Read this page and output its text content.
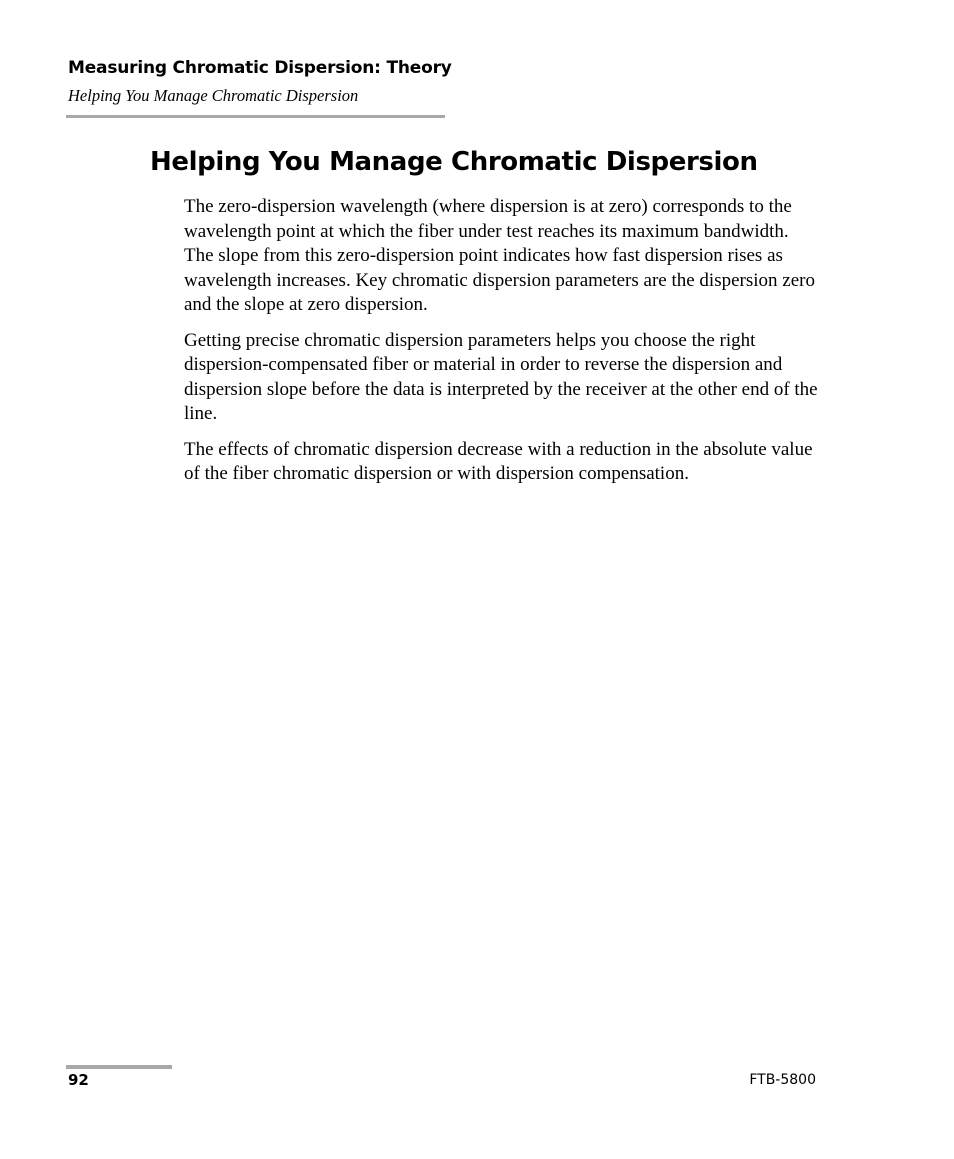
Measuring Chromatic Dispersion: Theory
Helping You Manage Chromatic Dispersion
Helping You Manage Chromatic Dispersion

The zero-dispersion wavelength (where dispersion is at zero) corresponds to the wavelength point at which the fiber under test reaches its maximum bandwidth. The slope from this zero-dispersion point indicates how fast dispersion rises as wavelength increases. Key chromatic dispersion parameters are the dispersion zero and the slope at zero dispersion.

Getting precise chromatic dispersion parameters helps you choose the right dispersion-compensated fiber or material in order to reverse the dispersion and dispersion slope before the data is interpreted by the receiver at the other end of the line.

The effects of chromatic dispersion decrease with a reduction in the absolute value of the fiber chromatic dispersion or with dispersion compensation.

92	FTB-5800
